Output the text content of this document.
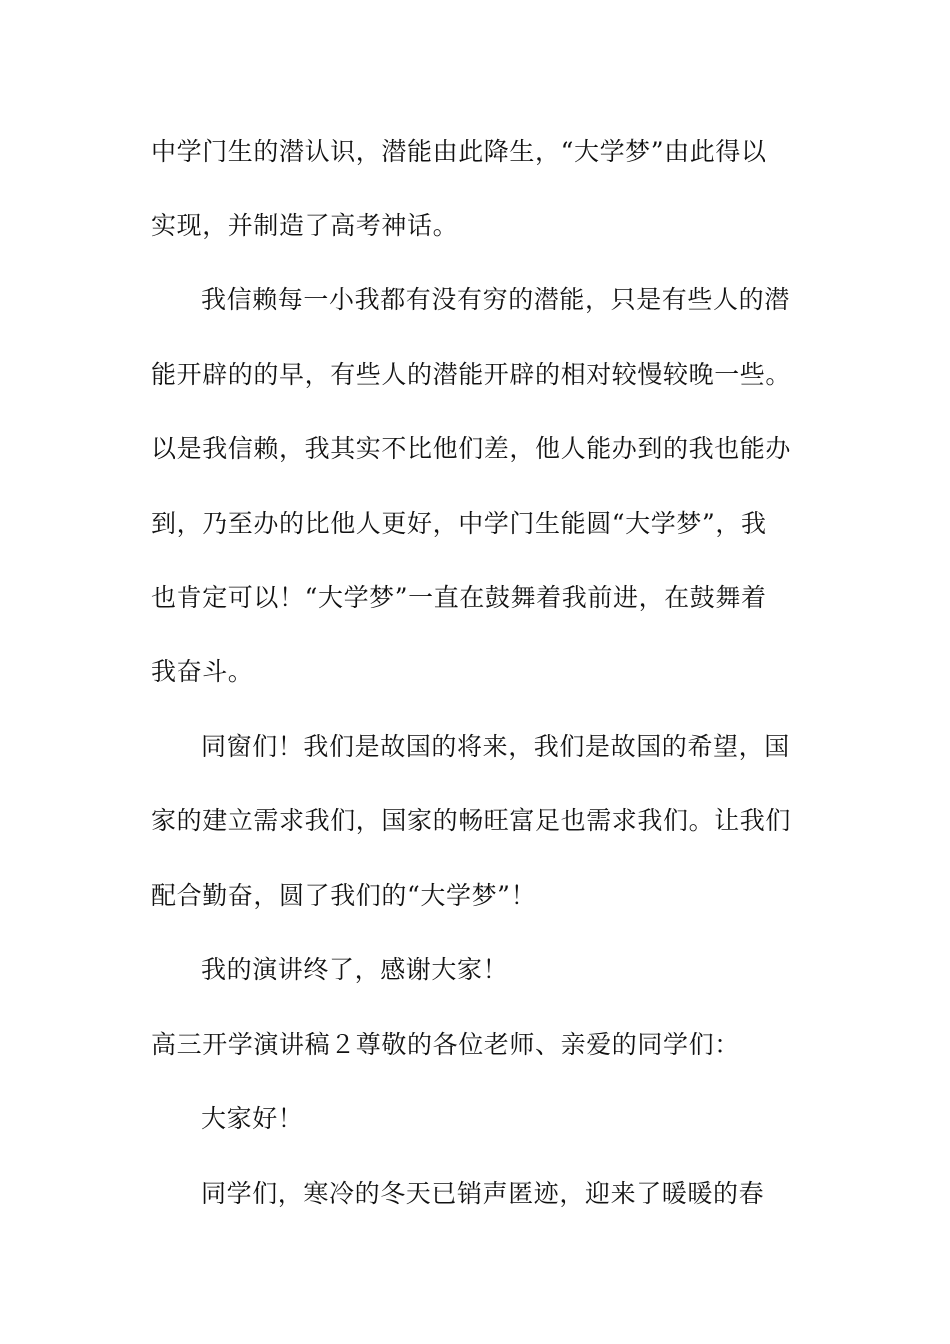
中学门生的潜认识，潜能由此降生，“大学梦”由此得以
实现，并制造了高考神话。
我信赖每一小我都有没有穷的潜能，只是有些人的潜
能开辟的的早，有些人的潜能开辟的相对较慢较晚一些。
以是我信赖，我其实不比他们差，他人能办到的我也能办
到，乃至办的比他人更好，中学门生能圆“大学梦”，我
也肯定可以！“大学梦”一直在鼓舞着我前进，在鼓舞着
我奋斗。
同窗们！我们是故国的将来，我们是故国的希望，国
家的建立需求我们，国家的畅旺富足也需求我们。让我们
配合勤奋，圆了我们的“大学梦”！
我的演讲终了，感谢大家！
高三开学演讲稿２尊敬的各位老师、亲爱的同学们：
大家好！
同学们，寒冷的冬天已销声匿迹，迎来了暖暖的春
